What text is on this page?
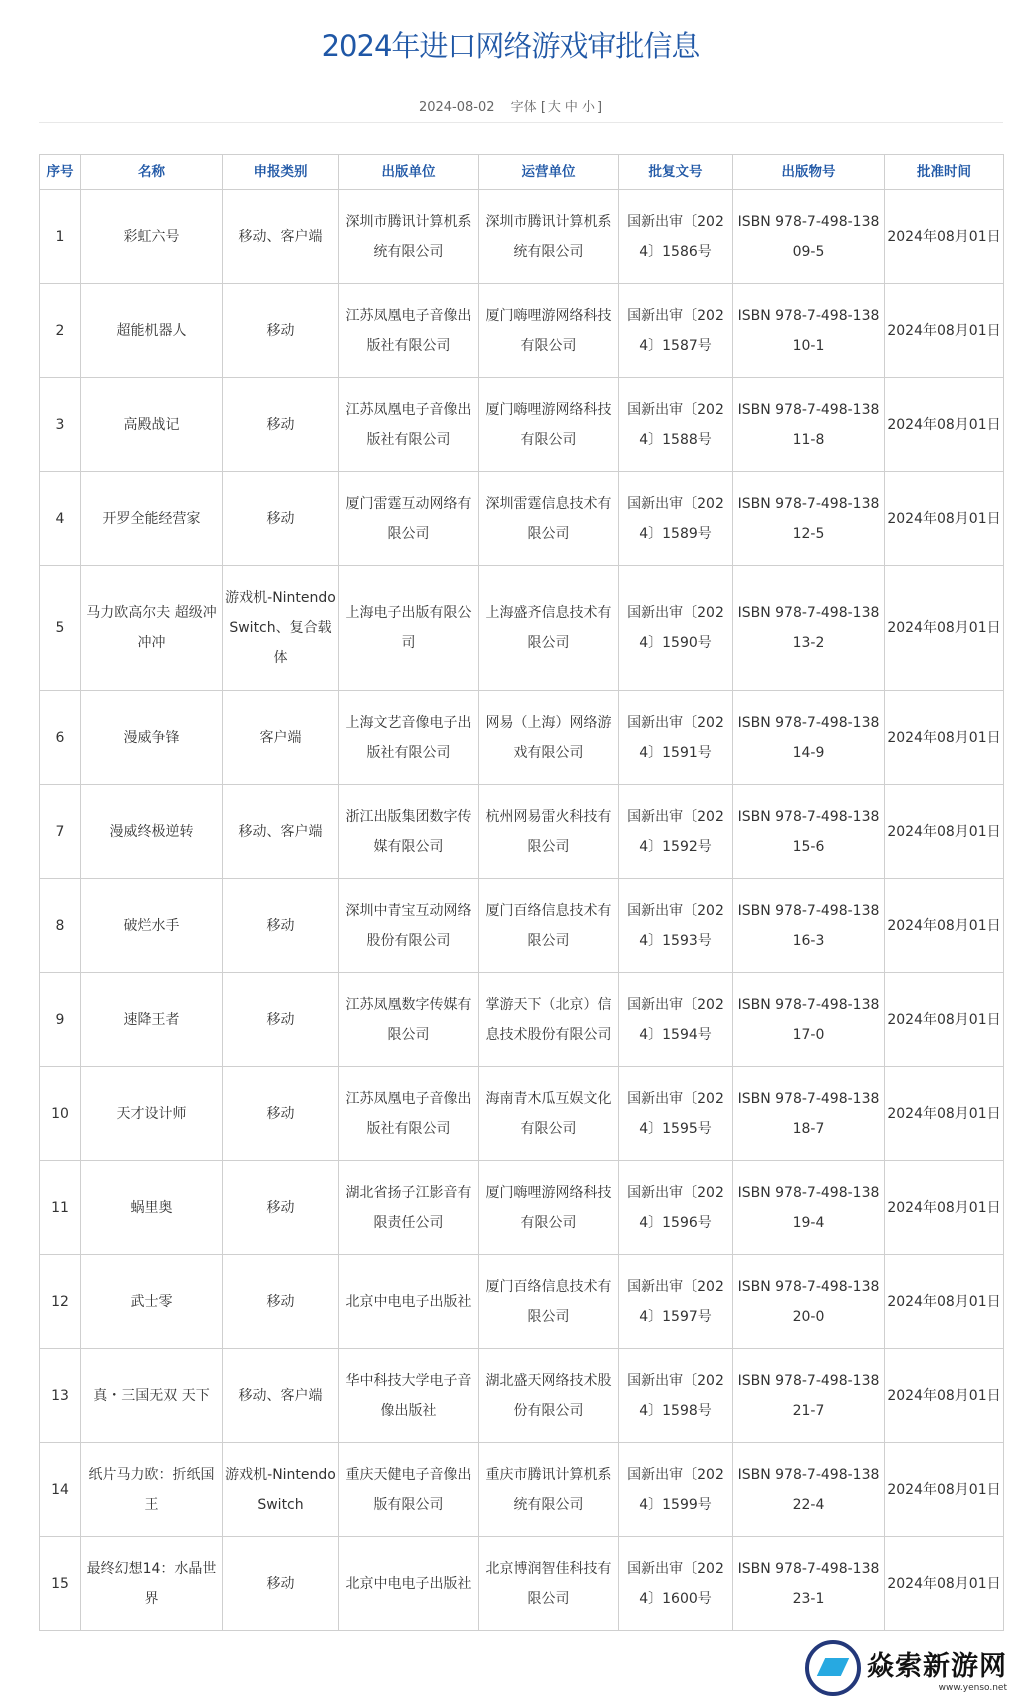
2024年进口网络游戏审批信息
2024-08-02 字体 [ 大 中 小 ]
序号	名称	申报类别	出版单位	运营单位	批复文号	出版物号	批准时间
1	彩虹六号	移动、客户端	深圳市腾讯计算机系统有限公司	深圳市腾讯计算机系统有限公司	国新出审〔2024〕1586号	ISBN 978-7-498-13809-5	2024年08月01日
2	超能机器人	移动	江苏凤凰电子音像出版社有限公司	厦门嗨哩游网络科技有限公司	国新出审〔2024〕1587号	ISBN 978-7-498-13810-1	2024年08月01日
3	高殿战记	移动	江苏凤凰电子音像出版社有限公司	厦门嗨哩游网络科技有限公司	国新出审〔2024〕1588号	ISBN 978-7-498-13811-8	2024年08月01日
4	开罗全能经营家	移动	厦门雷霆互动网络有限公司	深圳雷霆信息技术有限公司	国新出审〔2024〕1589号	ISBN 978-7-498-13812-5	2024年08月01日
5	马力欧高尔夫 超级冲冲冲	游戏机-Nintendo Switch、复合载体	上海电子出版有限公司	上海盛齐信息技术有限公司	国新出审〔2024〕1590号	ISBN 978-7-498-13813-2	2024年08月01日
6	漫威争锋	客户端	上海文艺音像电子出版社有限公司	网易（上海）网络游戏有限公司	国新出审〔2024〕1591号	ISBN 978-7-498-13814-9	2024年08月01日
7	漫威终极逆转	移动、客户端	浙江出版集团数字传媒有限公司	杭州网易雷火科技有限公司	国新出审〔2024〕1592号	ISBN 978-7-498-13815-6	2024年08月01日
8	破烂水手	移动	深圳中青宝互动网络股份有限公司	厦门百络信息技术有限公司	国新出审〔2024〕1593号	ISBN 978-7-498-13816-3	2024年08月01日
9	速降王者	移动	江苏凤凰数字传媒有限公司	掌游天下（北京）信息技术股份有限公司	国新出审〔2024〕1594号	ISBN 978-7-498-13817-0	2024年08月01日
10	天才设计师	移动	江苏凤凰电子音像出版社有限公司	海南青木瓜互娱文化有限公司	国新出审〔2024〕1595号	ISBN 978-7-498-13818-7	2024年08月01日
11	蜗里奥	移动	湖北省扬子江影音有限责任公司	厦门嗨哩游网络科技有限公司	国新出审〔2024〕1596号	ISBN 978-7-498-13819-4	2024年08月01日
12	武士零	移动	北京中电电子出版社	厦门百络信息技术有限公司	国新出审〔2024〕1597号	ISBN 978-7-498-13820-0	2024年08月01日
13	真・三国无双 天下	移动、客户端	华中科技大学电子音像出版社	湖北盛天网络技术股份有限公司	国新出审〔2024〕1598号	ISBN 978-7-498-13821-7	2024年08月01日
14	纸片马力欧：折纸国王	游戏机-Nintendo Switch	重庆天健电子音像出版有限公司	重庆市腾讯计算机系统有限公司	国新出审〔2024〕1599号	ISBN 978-7-498-13822-4	2024年08月01日
15	最终幻想14：水晶世界	移动	北京中电电子出版社	北京博润智佳科技有限公司	国新出审〔2024〕1600号	ISBN 978-7-498-13823-1	2024年08月01日
焱索新游网
www.yenso.net
